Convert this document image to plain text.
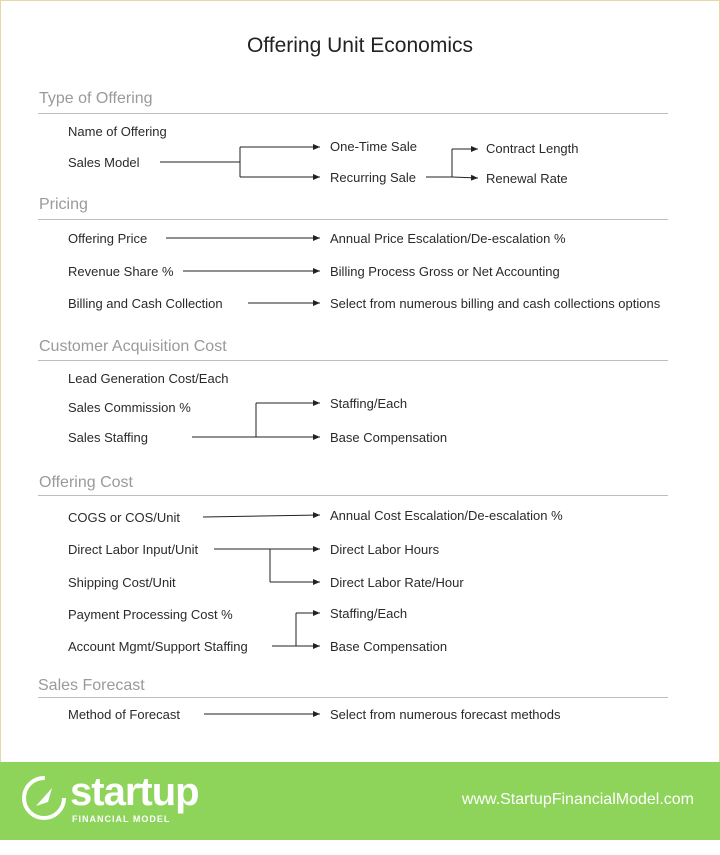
Offering Unit Economics
Type of Offering
Name of Offering
Sales Model
One-Time Sale
Recurring Sale
Contract Length
Renewal Rate
Pricing
Offering Price
Revenue Share %
Billing and Cash Collection
Annual Price Escalation/De-escalation %
Billing Process Gross or Net Accounting
Select from numerous billing and cash collections options
Customer Acquisition Cost
Lead Generation Cost/Each
Sales Commission %
Sales Staffing
Staffing/Each
Base Compensation
Offering Cost
COGS or COS/Unit
Direct Labor Input/Unit
Shipping Cost/Unit
Payment Processing Cost %
Account Mgmt/Support Staffing
Annual Cost Escalation/De-escalation %
Direct Labor Hours
Direct Labor Rate/Hour
Staffing/Each
Base Compensation
Sales Forecast
Method of Forecast	Select from numerous forecast methods
startup
FINANCIAL MODEL
www.StartupFinancialModel.com
